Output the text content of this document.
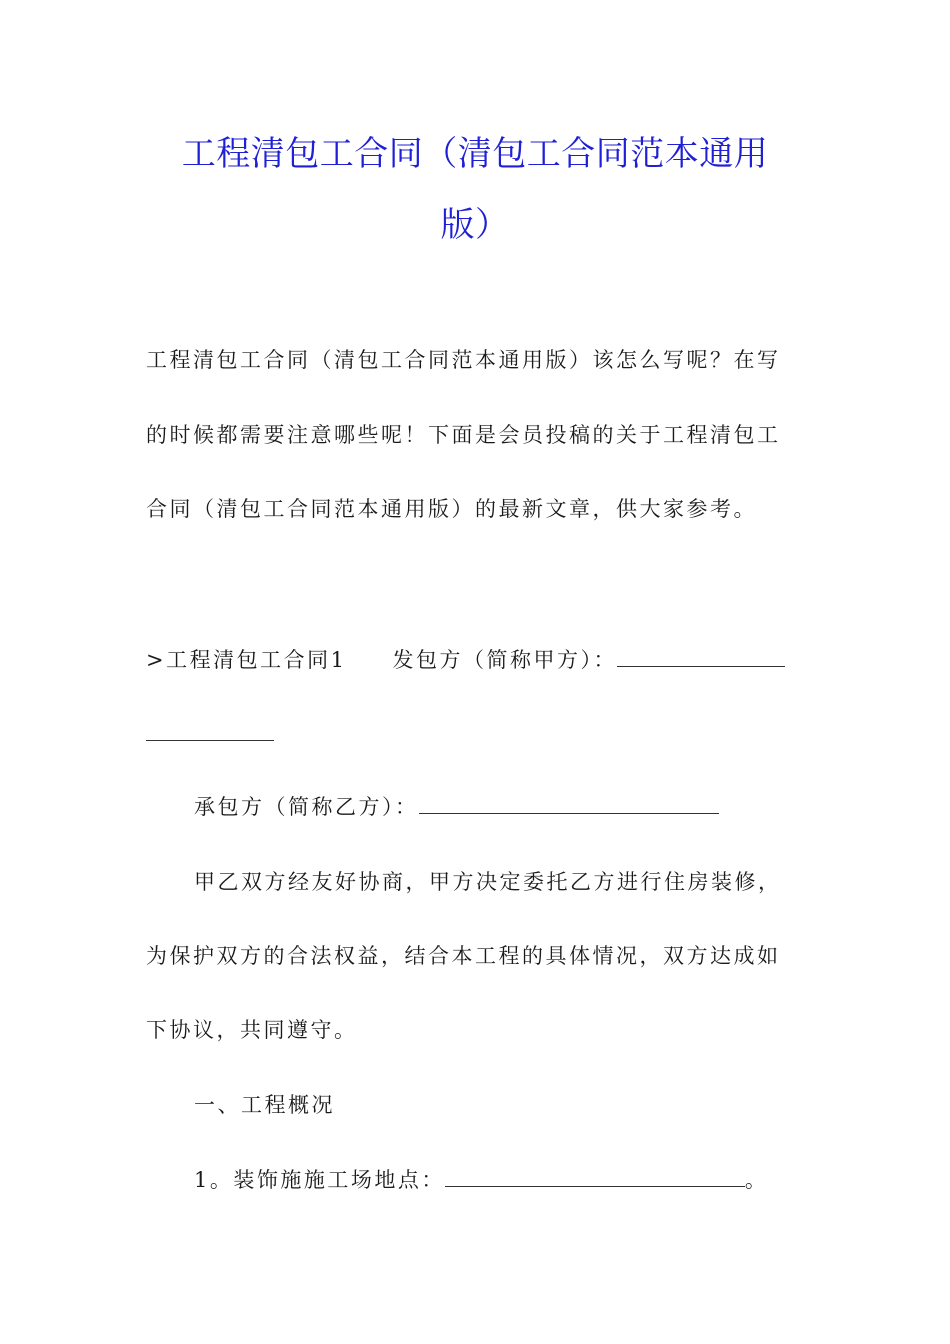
工程清包工合同（清包工合同范本通用
版）
工程清包工合同（清包工合同范本通用版）该怎么写呢？在写
的时候都需要注意哪些呢！下面是会员投稿的关于工程清包工
合同（清包工合同范本通用版）的最新文章，供大家参考。
>工程清包工合同1 发包方（简称甲方）：
承包方（简称乙方）：
甲乙双方经友好协商，甲方决定委托乙方进行住房装修，
为保护双方的合法权益，结合本工程的具体情况，双方达成如
下协议，共同遵守。
一、工程概况
1。装饰施施工场地点：	。
